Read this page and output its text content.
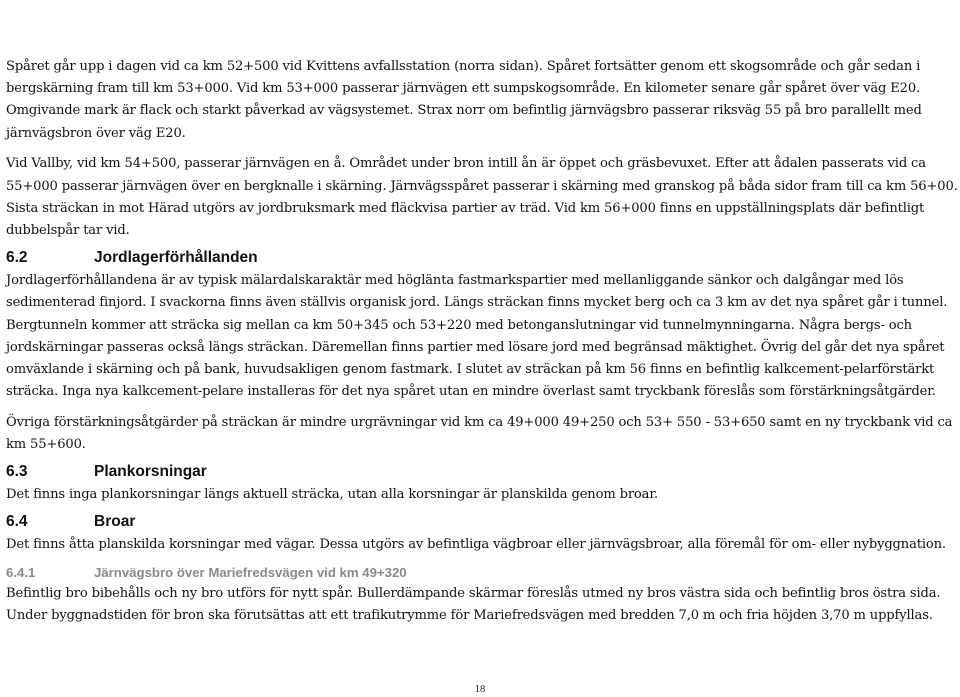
Spåret går upp i dagen vid ca km 52+500 vid Kvittens avfallsstation (norra sidan). Spåret fortsätter genom ett skogsområde och går sedan i bergskärning fram till km 53+000. Vid km 53+000 passerar järnvägen ett sumpskogsområde. En kilometer senare går spåret över väg E20. Omgivande mark är flack och starkt påverkad av vägsystemet. Strax norr om befintlig järnvägsbro passerar riksväg 55 på bro parallellt med järnvägsbron över väg E20.

Vid Vallby, vid km 54+500, passerar järnvägen en å. Området under bron intill ån är öppet och gräsbevuxet. Efter att ådalen passerats vid ca 55+000 passerar järnvägen över en bergknalle i skärning. Järnvägsspåret passerar i skärning med granskog på båda sidor fram till ca km 56+00. Sista sträckan in mot Härad utgörs av jordbruksmark med fläckvisa partier av träd. Vid km 56+000 finns en uppställningsplats där befintligt dubbelspår tar vid.

6.2	Jordlagerförhållanden

Jordlagerförhållandena är av typisk mälardalskaraktär med höglänta fastmarkspartier med mellanliggande sänkor och dalgångar med lös sedimenterad finjord. I svackorna finns även ställvis organisk jord. Längs sträckan finns mycket berg och ca 3 km av det nya spåret går i tunnel. Bergtunneln kommer att sträcka sig mellan ca km 50+345 och 53+220 med betonganslutningar vid tunnelmynningarna. Några bergs- och jordskärningar passeras också längs sträckan. Däremellan finns partier med lösare jord med begränsad mäktighet. Övrig del går det nya spåret omväxlande i skärning och på bank, huvudsakligen genom fastmark. I slutet av sträckan på km 56 finns en befintlig kalkcement-pelarförstärkt sträcka. Inga nya kalkcement-pelare installeras för det nya spåret utan en mindre överlast samt tryckbank föreslås som förstärkningsåtgärder.

Övriga förstärkningsåtgärder på sträckan är mindre urgrävningar vid km ca 49+000 49+250 och 53+ 550 - 53+650 samt en ny tryckbank vid ca km 55+600.

6.3	Plankorsningar

Det finns inga plankorsningar längs aktuell sträcka, utan alla korsningar är planskilda genom broar.

6.4	Broar

Det finns åtta planskilda korsningar med vägar. Dessa utgörs av befintliga vägbroar eller järnvägsbroar, alla föremål för om- eller nybyggnation.

6.4.1	Järnvägsbro över Mariefredsvägen vid km 49+320

Befintlig bro bibehålls och ny bro utförs för nytt spår. Bullerdämpande skärmar föreslås utmed ny bros västra sida och befintlig bros östra sida. Under byggnadstiden för bron ska förutsättas att ett trafikutrymme för Mariefredsvägen med bredden 7,0 m och fria höjden 3,70 m uppfyllas.

18
